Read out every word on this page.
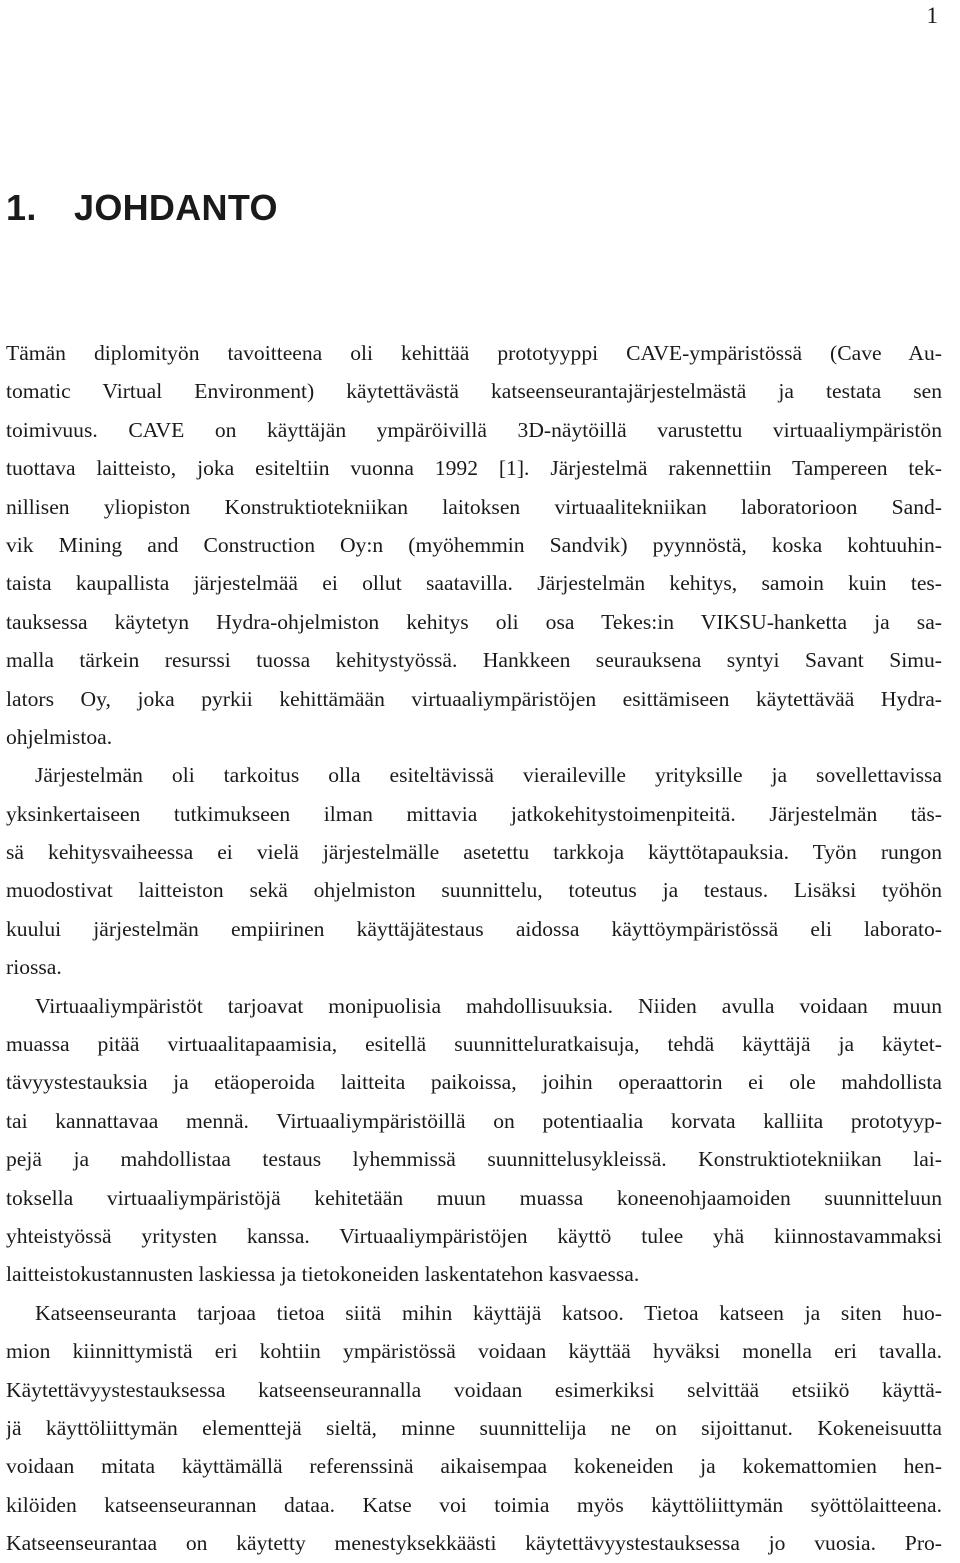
1
1. JOHDANTO
Tämän diplomityön tavoitteena oli kehittää prototyyppi CAVE-ympäristössä (Cave Au-
tomatic Virtual Environment) käytettävästä katseenseurantajärjestelmästä ja testata sen
toimivuus. CAVE on käyttäjän ympäröivillä 3D-näytöillä varustettu virtuaaliympäristön
tuottava laitteisto, joka esiteltiin vuonna 1992 [1]. Järjestelmä rakennettiin Tampereen tek-
nillisen yliopiston Konstruktiotekniikan laitoksen virtuaalitekniikan laboratorioon Sand-
vik Mining and Construction Oy:n (myöhemmin Sandvik) pyynnöstä, koska kohtuuhin-
taista kaupallista järjestelmää ei ollut saatavilla. Järjestelmän kehitys, samoin kuin tes-
tauksessa käytetyn Hydra-ohjelmiston kehitys oli osa Tekes:in VIKSU-hanketta ja sa-
malla tärkein resurssi tuossa kehitystyössä. Hankkeen seurauksena syntyi Savant Simu-
lators Oy, joka pyrkii kehittämään virtuaaliympäristöjen esittämiseen käytettävää Hydra-
ohjelmistoa.
Järjestelmän oli tarkoitus olla esiteltävissä vieraileville yrityksille ja sovellettavissa
yksinkertaiseen tutkimukseen ilman mittavia jatkokehitystoimenpiteitä. Järjestelmän täs-
sä kehitysvaiheessa ei vielä järjestelmälle asetettu tarkkoja käyttötapauksia. Työn rungon
muodostivat laitteiston sekä ohjelmiston suunnittelu, toteutus ja testaus. Lisäksi työhön
kuului järjestelmän empiirinen käyttäjätestaus aidossa käyttöympäristössä eli laborato-
riossa.
Virtuaaliympäristöt tarjoavat monipuolisia mahdollisuuksia. Niiden avulla voidaan muun
muassa pitää virtuaalitapaamisia, esitellä suunnitteluratkaisuja, tehdä käyttäjä ja käytet-
tävyystestauksia ja etäoperoida laitteita paikoissa, joihin operaattorin ei ole mahdollista
tai kannattavaa mennä. Virtuaaliympäristöillä on potentiaalia korvata kalliita prototyyp-
pejä ja mahdollistaa testaus lyhemmissä suunnittelusykleissä. Konstruktiotekniikan lai-
toksella virtuaaliympäristöjä kehitetään muun muassa koneenohjaamoiden suunnitteluun
yhteistyössä yritysten kanssa. Virtuaaliympäristöjen käyttö tulee yhä kiinnostavammaksi
laitteistokustannusten laskiessa ja tietokoneiden laskentatehon kasvaessa.
Katseenseuranta tarjoaa tietoa siitä mihin käyttäjä katsoo. Tietoa katseen ja siten huo-
mion kiinnittymistä eri kohtiin ympäristössä voidaan käyttää hyväksi monella eri tavalla.
Käytettävyystestauksessa katseenseurannalla voidaan esimerkiksi selvittää etsiikö käyttä-
jä käyttöliittymän elementtejä sieltä, minne suunnittelija ne on sijoittanut. Kokeneisuutta
voidaan mitata käyttämällä referenssinä aikaisempaa kokeneiden ja kokemattomien hen-
kilöiden katseenseurannan dataa. Katse voi toimia myös käyttöliittymän syöttölaitteena.
Katseenseurantaa on käytetty menestyksekkäästi käytettävyystestauksessa jo vuosia. Pro-
